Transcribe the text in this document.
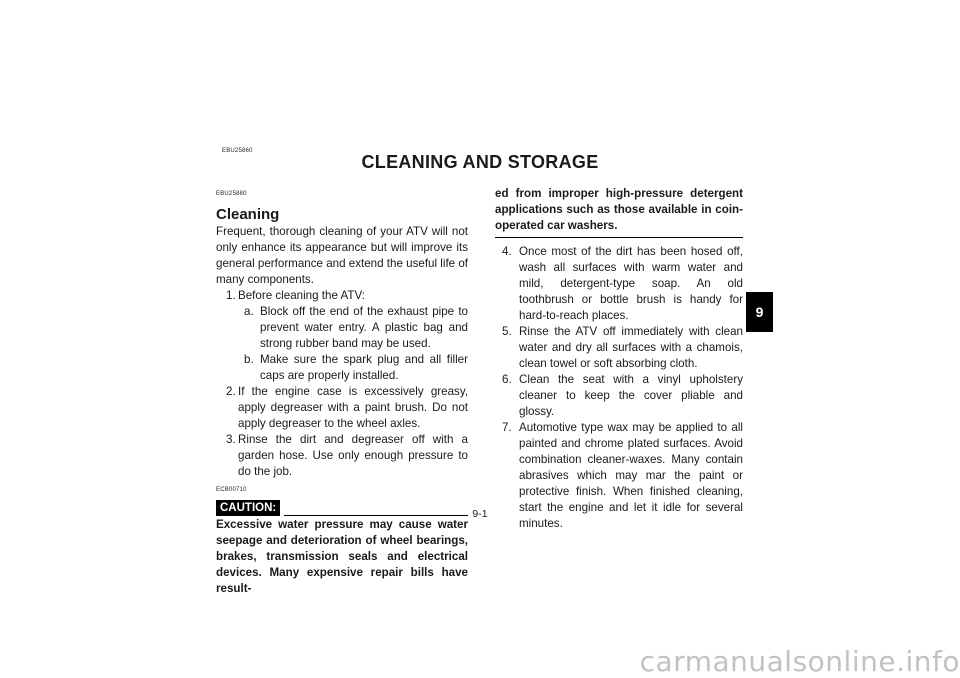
EBU25860
CLEANING AND STORAGE
EBU25880
Cleaning

Frequent, thorough cleaning of your ATV will not only enhance its appearance but will improve its general performance and extend the useful life of many components.

1. Before cleaning the ATV:
a. Block off the end of the exhaust pipe to prevent water entry. A plastic bag and strong rubber band may be used.
b. Make sure the spark plug and all filler caps are properly installed.
2. If the engine case is excessively greasy, apply degreaser with a paint brush. Do not apply degreaser to the wheel axles.
3. Rinse the dirt and degreaser off with a garden hose. Use only enough pressure to do the job.
ECB00710
CAUTION:

Excessive water pressure may cause water seepage and deterioration of wheel bearings, brakes, transmission seals and electrical devices. Many expensive repair bills have result-

ed from improper high-pressure detergent applications such as those available in coin-operated car washers.

4. Once most of the dirt has been hosed off, wash all surfaces with warm water and mild, detergent-type soap. An old toothbrush or bottle brush is handy for hard-to-reach places.
5. Rinse the ATV off immediately with clean water and dry all surfaces with a chamois, clean towel or soft absorbing cloth.
6. Clean the seat with a vinyl upholstery cleaner to keep the cover pliable and glossy.
7. Automotive type wax may be applied to all painted and chrome plated surfaces. Avoid combination cleaner-waxes. Many contain abrasives which may mar the paint or protective finish. When finished cleaning, start the engine and let it idle for several minutes.
9
9-1
carmanualsonline.info
